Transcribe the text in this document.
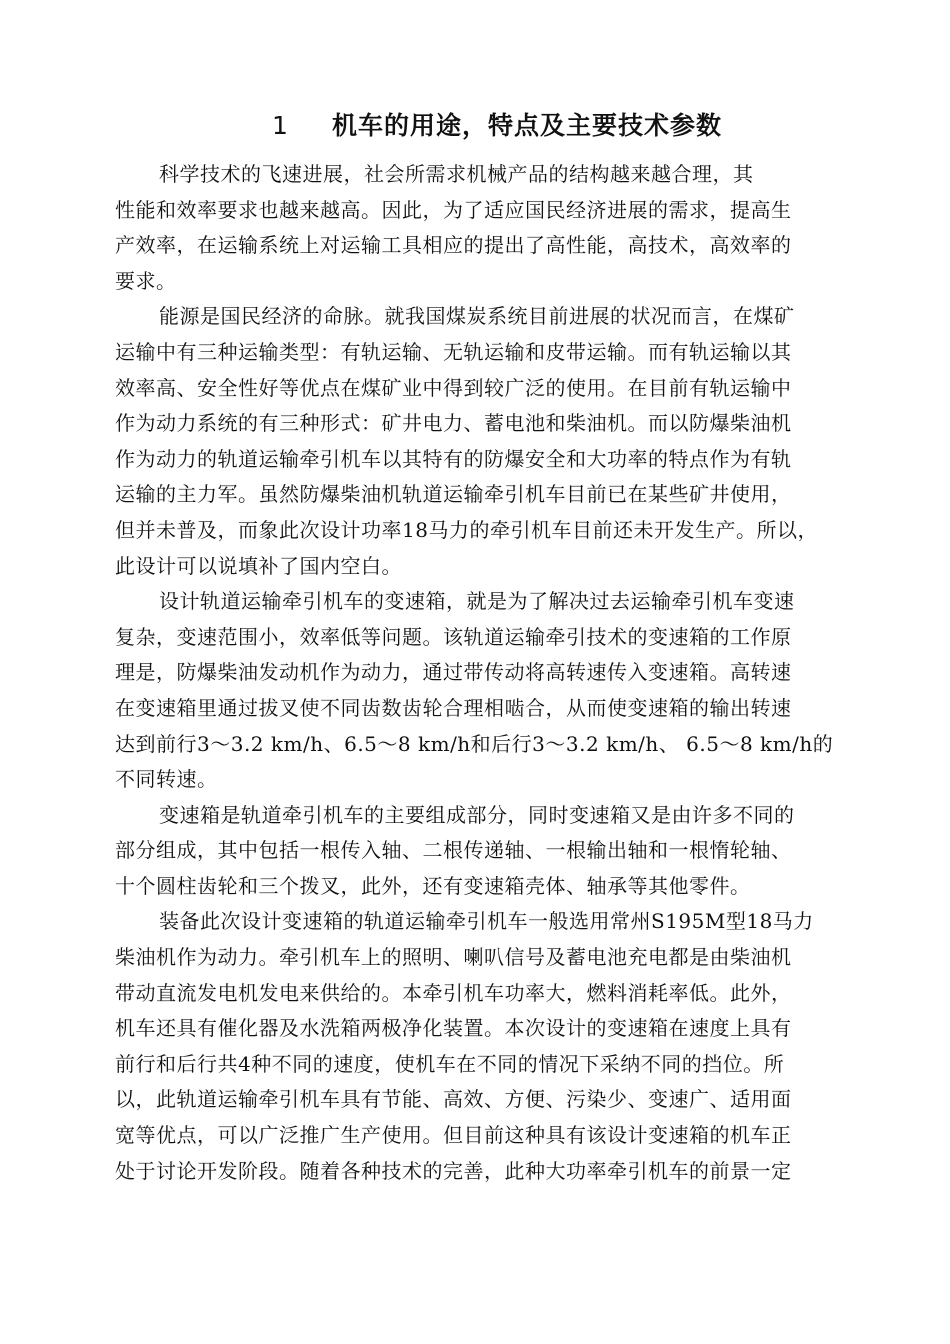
1 机车的用途，特点及主要技术参数
科学技术的飞速进展，社会所需求机械产品的结构越来越合理，其
性能和效率要求也越来越高。因此，为了适应国民经济进展的需求，提高生
产效率，在运输系统上对运输工具相应的提出了高性能，高技术，高效率的
要求。
能源是国民经济的命脉。就我国煤炭系统目前进展的状况而言，在煤矿
运输中有三种运输类型：有轨运输、无轨运输和皮带运输。而有轨运输以其
效率高、安全性好等优点在煤矿业中得到较广泛的使用。在目前有轨运输中
作为动力系统的有三种形式：矿井电力、蓄电池和柴油机。而以防爆柴油机
作为动力的轨道运输牵引机车以其特有的防爆安全和大功率的特点作为有轨
运输的主力军。虽然防爆柴油机轨道运输牵引机车目前已在某些矿井使用，
但并未普及，而象此次设计功率18马力的牵引机车目前还未开发生产。所以，
此设计可以说填补了国内空白。
设计轨道运输牵引机车的变速箱，就是为了解决过去运输牵引机车变速
复杂，变速范围小，效率低等问题。该轨道运输牵引技术的变速箱的工作原
理是，防爆柴油发动机作为动力，通过带传动将高转速传入变速箱。高转速
在变速箱里通过拔叉使不同齿数齿轮合理相啮合，从而使变速箱的输出转速
达到前行3～3.2 km/h、6.5～8 km/h和后行3～3.2 km/h、 6.5～8 km/h的
不同转速。
变速箱是轨道牵引机车的主要组成部分，同时变速箱又是由许多不同的
部分组成，其中包括一根传入轴、二根传递轴、一根输出轴和一根惰轮轴、
十个圆柱齿轮和三个拨叉，此外，还有变速箱壳体、轴承等其他零件。
装备此次设计变速箱的轨道运输牵引机车一般选用常州S195M型18马力
柴油机作为动力。牵引机车上的照明、喇叭信号及蓄电池充电都是由柴油机
带动直流发电机发电来供给的。本牵引机车功率大，燃料消耗率低。此外，
机车还具有催化器及水洗箱两极净化装置。本次设计的变速箱在速度上具有
前行和后行共4种不同的速度，使机车在不同的情况下采纳不同的挡位。所
以，此轨道运输牵引机车具有节能、高效、方便、污染少、变速广、适用面
宽等优点，可以广泛推广生产使用。但目前这种具有该设计变速箱的机车正
处于讨论开发阶段。随着各种技术的完善，此种大功率牵引机车的前景一定
